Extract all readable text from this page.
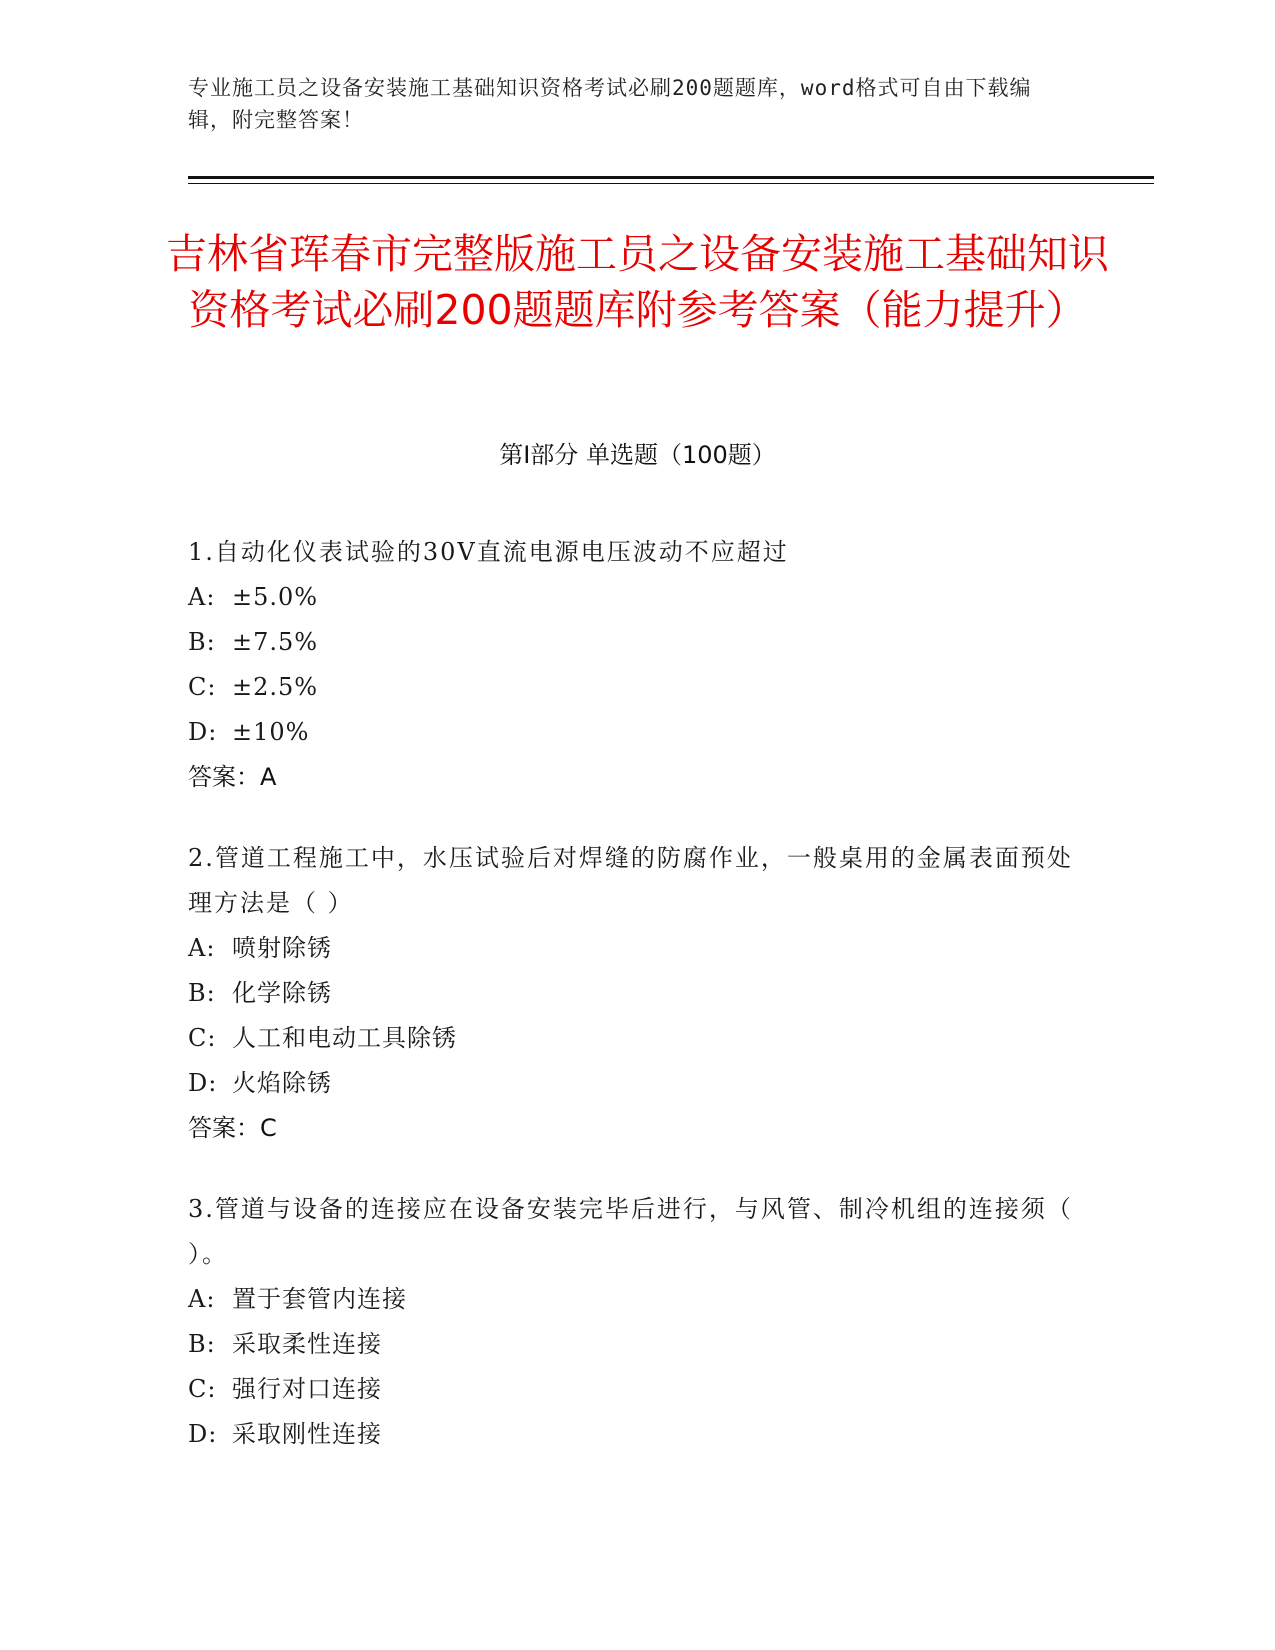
专业施工员之设备安装施工基础知识资格考试必刷200题题库，word格式可自由下载编辑，附完整答案！
吉林省珲春市完整版施工员之设备安装施工基础知识资格考试必刷200题题库附参考答案（能力提升）
第Ⅰ部分 单选题（100题）
1.自动化仪表试验的30V直流电源电压波动不应超过
A: ±5.0%
B: ±7.5%
C: ±2.5%
D: ±10%
答案：A
2.管道工程施工中，水压试验后对焊缝的防腐作业，一般桌用的金属表面预处理方法是（ ）
A: 喷射除锈
B: 化学除锈
C: 人工和电动工具除锈
D: 火焰除锈
答案：C
3.管道与设备的连接应在设备安装完毕后进行，与风管、制冷机组的连接须（ ）。
A: 置于套管内连接
B: 采取柔性连接
C: 强行对口连接
D: 采取刚性连接
